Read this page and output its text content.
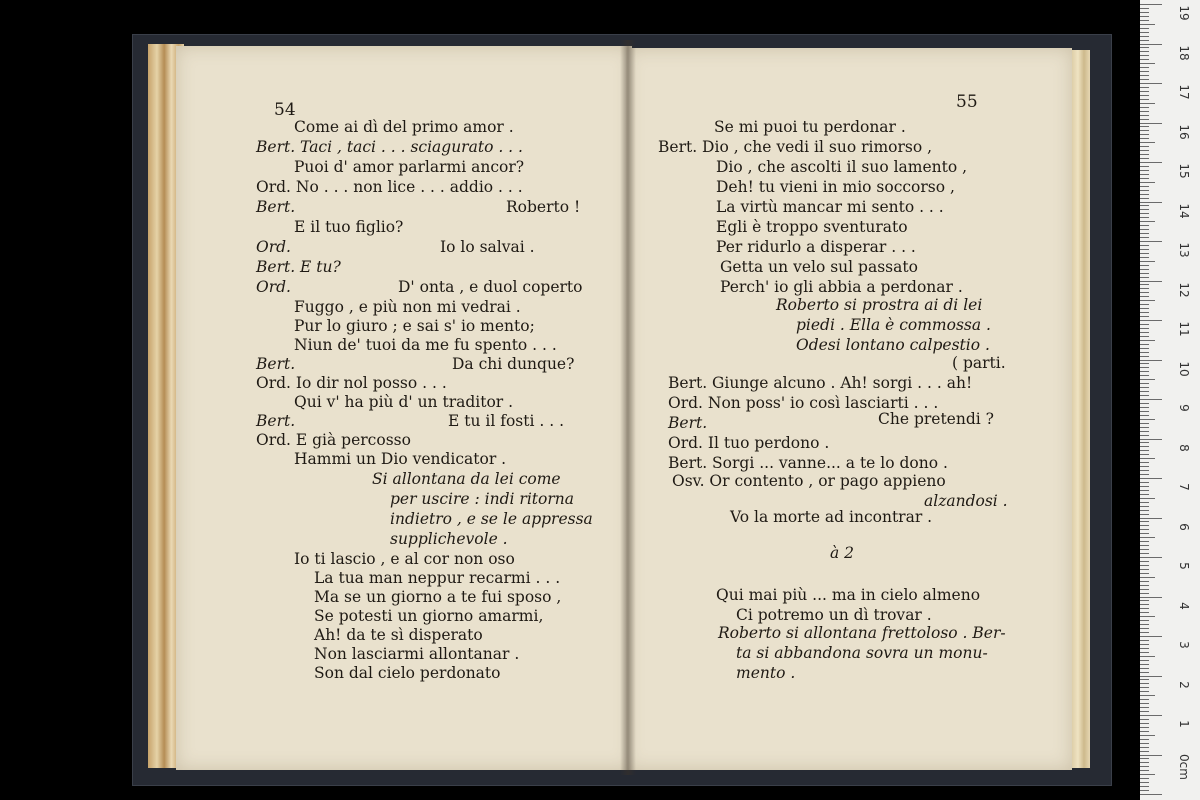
54
Come ai dì del primo amor .
Bert. Taci , taci . . . sciagurato . . .
Puoi d' amor parlarmi ancor?
Ord. No . . . non lice . . . addio . . .
Bert.	Roberto !
E il tuo figlio?
Ord.	Io lo salvai .
Bert. E tu?
Ord.	D' onta , e duol coperto
Fuggo , e più non mi vedrai .
Pur lo giuro ; e sai s' io mento;
Niun de' tuoi da me fu spento . . .
Bert.	Da chi dunque?
Ord. Io dir nol posso . . .
Qui v' ha più d' un traditor .
Bert.	E tu il fosti . . .
Ord. E già percosso
Hammi un Dio vendicator .
Si allontana da lei come
per uscire : indi ritorna
indietro , e se le appressa
supplichevole .
Io ti lascio , e al cor non oso
La tua man neppur recarmi . . .
Ma se un giorno a te fui sposo ,
Se potesti un giorno amarmi,
Ah! da te sì disperato
Non lasciarmi allontanar .
Son dal cielo perdonato
55
Se mi puoi tu perdonar .
Bert. Dio , che vedi il suo rimorso ,
Dio , che ascolti il suo lamento ,
Deh! tu vieni in mio soccorso ,
La virtù mancar mi sento . . .
Egli è troppo sventurato
Per ridurlo a disperar . . .
Getta un velo sul passato
Perch' io gli abbia a perdonar .
Roberto si prostra ai di lei
piedi . Ella è commossa .
Odesi lontano calpestio .
( parti.
Bert. Giunge alcuno . Ah! sorgi . . . ah!
Ord. Non poss' io così lasciarti . . .
Bert.	Che pretendi ?
Ord. Il tuo perdono .
Bert. Sorgi ... vanne... a te lo dono .
Osv. Or contento , or pago appieno
alzandosi .
Vo la morte ad incontrar .
à 2
Qui mai più ... ma in cielo almeno
Ci potremo un dì trovar .
Roberto si allontana frettoloso . Ber-
ta si abbandona sovra un monu-
mento .
19
18
17
16
15
14
13
12
11
10
9
8
7
6
5
4
3
2
1
0cm
